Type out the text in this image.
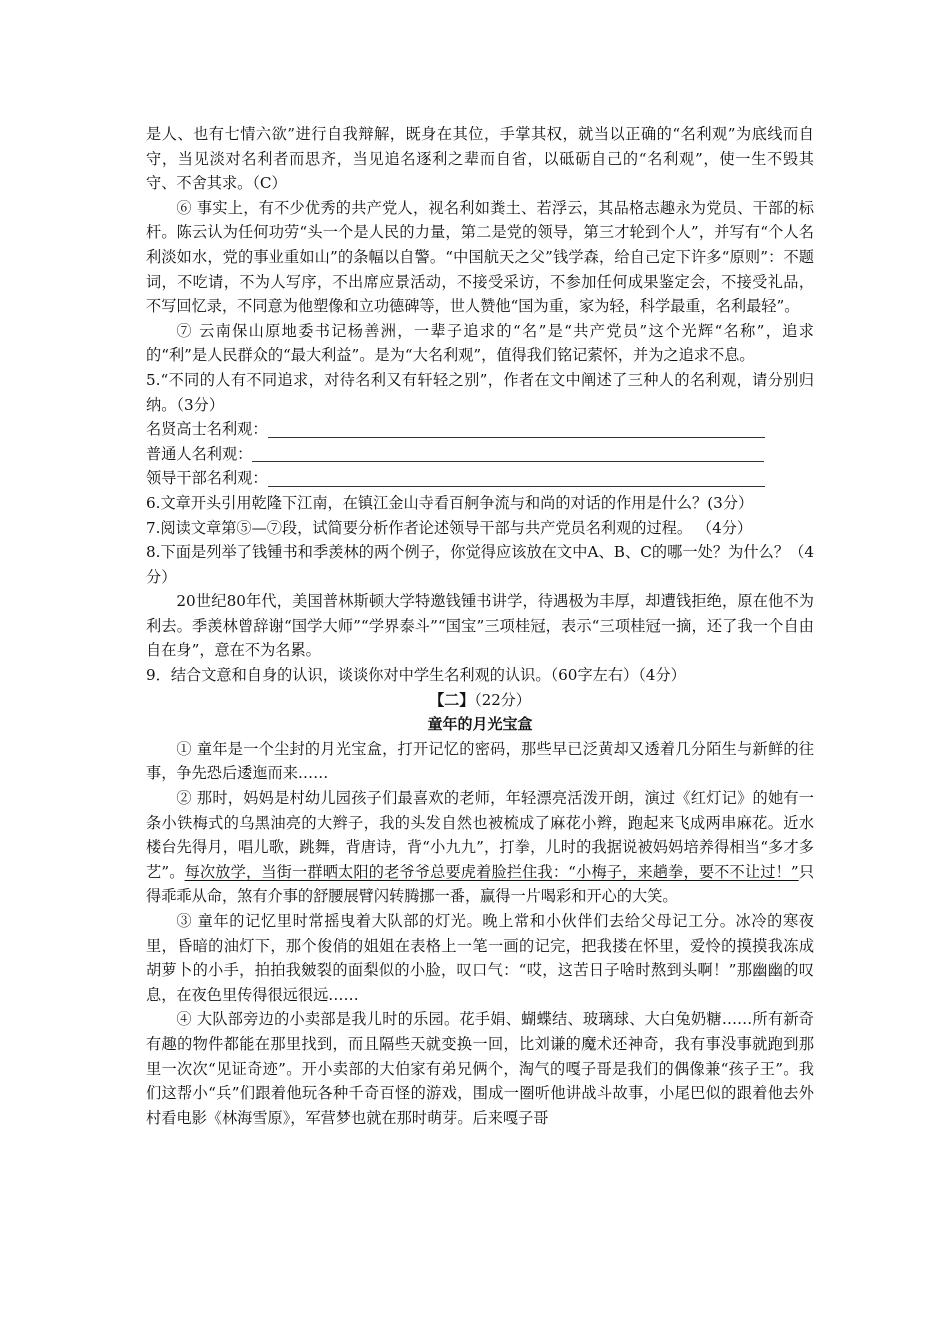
是人、也有七情六欲”进行自我辩解，既身在其位，手掌其权，就当以正确的“名利观”为底线而自守，当见淡对名利者而思齐，当见追名逐利之辈而自省，以砥砺自己的“名利观”，使一生不毁其守、不舍其求。（C）

⑥ 事实上，有不少优秀的共产党人，视名利如粪土、若浮云，其品格志趣永为党员、干部的标杆。陈云认为任何功劳“头一个是人民的力量，第二是党的领导，第三才轮到个人”，并写有“个人名利淡如水，党的事业重如山”的条幅以自警。“中国航天之父”钱学森，给自己定下许多“原则”：不题词，不吃请，不为人写序，不出席应景活动，不接受采访，不参加任何成果鉴定会，不接受礼品，不写回忆录，不同意为他塑像和立功德碑等，世人赞他“国为重，家为轻，科学最重，名利最轻”。

⑦ 云南保山原地委书记杨善洲，一辈子追求的“名”是“共产党员”这个光辉“名称”，追求的“利”是人民群众的“最大利益”。是为“大名利观”，值得我们铭记萦怀，并为之追求不息。

5.“不同的人有不同追求，对待名利又有轩轻之别”，作者在文中阐述了三种人的名利观，请分别归纳。（3分）

名贤高士名利观：
普通人名利观：
领导干部名利观：

6.文章开头引用乾隆下江南，在镇江金山寺看百舸争流与和尚的对话的作用是什么？(3分）

7.阅读文章第⑤—⑦段，试简要分析作者论述领导干部与共产党员名利观的过程。 （4分）

8.下面是列举了钱锺书和季羡林的两个例子，你觉得应该放在文中A、B、C的哪一处？为什么？（4分）

20世纪80年代，美国普林斯顿大学特邀钱锺书讲学，待遇极为丰厚，却遭钱拒绝，原在他不为利去。季羡林曾辞谢“国学大师”“学界泰斗”“国宝”三项桂冠，表示“三项桂冠一摘，还了我一个自由自在身”，意在不为名累。

9．结合文意和自身的认识，谈谈你对中学生名利观的认识。（60字左右）（4分）

【二】（22分）

童年的月光宝盒

① 童年是一个尘封的月光宝盒，打开记忆的密码，那些早已泛黄却又透着几分陌生与新鲜的往事，争先恐后逶迤而来……

② 那时，妈妈是村幼儿园孩子们最喜欢的老师，年轻漂亮活泼开朗，演过《红灯记》的她有一条小铁梅式的乌黑油亮的大辫子，我的头发自然也被梳成了麻花小辫，跑起来飞成两串麻花。近水楼台先得月，唱儿歌，跳舞，背唐诗，背“小九九”，打拳，儿时的我据说被妈妈培养得相当“多才多艺”。每次放学，当街一群晒太阳的老爷爷总要虎着脸拦住我：“小梅子，来趟拳，要不不让过！”只得乖乖从命，煞有介事的舒腰展臂闪转腾挪一番，赢得一片喝彩和开心的大笑。

③ 童年的记忆里时常摇曳着大队部的灯光。晚上常和小伙伴们去给父母记工分。冰冷的寒夜里，昏暗的油灯下，那个俊俏的姐姐在表格上一笔一画的记完，把我搂在怀里，爱怜的摸摸我冻成胡萝卜的小手，拍拍我皴裂的面梨似的小脸，叹口气：“哎，这苦日子啥时熬到头啊！”那幽幽的叹息，在夜色里传得很远很远……

④ 大队部旁边的小卖部是我儿时的乐园。花手娟、蝴蝶结、玻璃球、大白兔奶糖……所有新奇有趣的物件都能在那里找到，而且隔些天就变换一回，比刘谦的魔术还神奇，我有事没事就跑到那里一次次“见证奇迹”。开小卖部的大伯家有弟兄俩个，淘气的嘎子哥是我们的偶像兼“孩子王”。我们这帮小“兵”们跟着他玩各种千奇百怪的游戏，围成一圈听他讲战斗故事，小尾巴似的跟着他去外村看电影《林海雪原》，军营梦也就在那时萌芽。后来嘎子哥
